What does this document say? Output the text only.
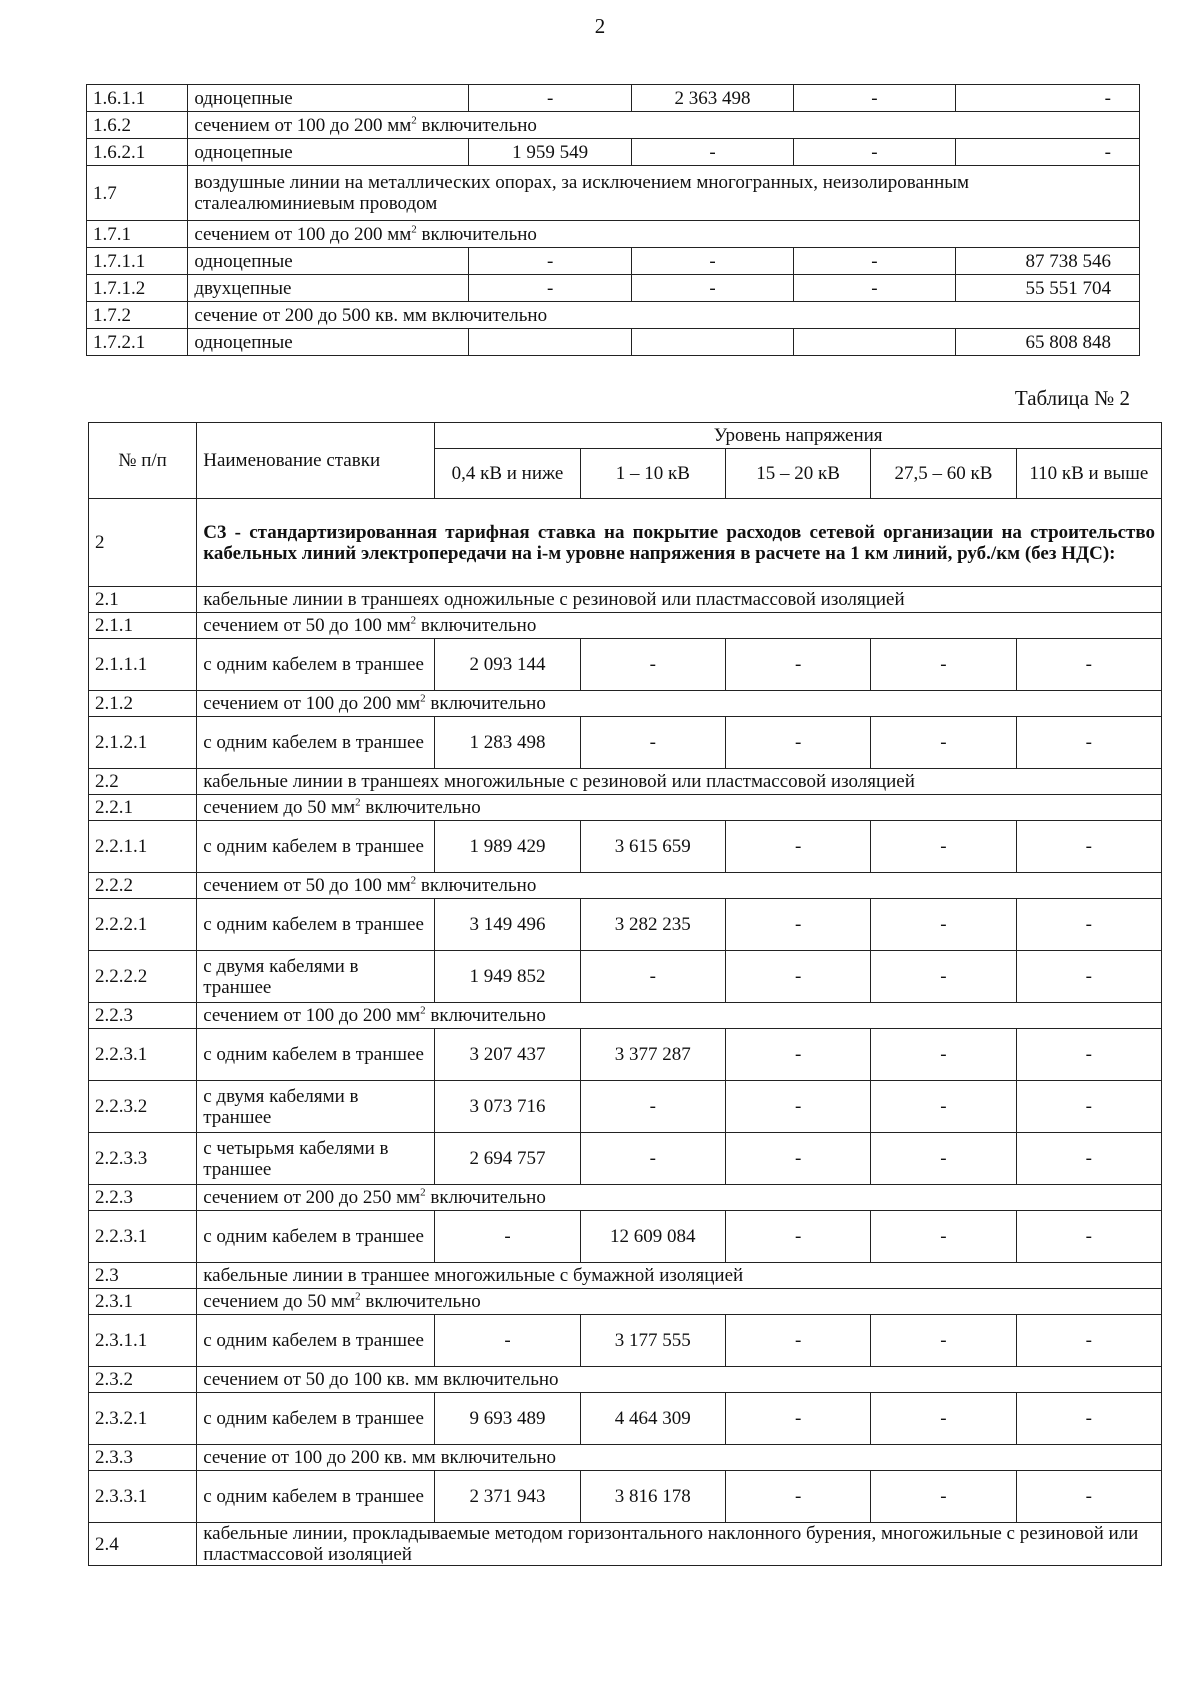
2
1.6.1.1	одноцепные	-	2 363 498	-	-
1.6.2	сечением от 100 до 200 $мм^2$ включительно				
1.6.2.1	одноцепные	1 959 549	-	-	-
1.7	воздушные линии на металлических опорах, за исключением многогранных, неизолированным сталеалюминиевым проводом				
1.7.1	сечением от 100 до 200 $мм^2$ включительно				
1.7.1.1	одноцепные	-	-	-	87 738 546
1.7.1.2	двухцепные	-	-	-	55 551 704
1.7.2	сечение от 200 до 500 кв. мм включительно				
1.7.2.1	одноцепные				65 808 848
Таблица № 2
№ п/п	Наименование ставки	Уровень напряжения				
		0,4 кВ и ниже	1 – 10 кВ	15 – 20 кВ	27,5 – 60 кВ	110 кВ и выше
2	С3 - стандартизированная тарифная ставка на покрытие расходов сетевой организации на строительство кабельных линий электропередачи на i-м уровне напряжения в расчете на 1 км линий, руб./км (без НДС):					
2.1	кабельные линии в траншеях одножильные с резиновой или пластмассовой изоляцией					
2.1.1	сечением от 50 до 100 $мм^2$ включительно					
2.1.1.1	с одним кабелем в траншее	2 093 144	-	-	-	-
2.1.2	сечением от 100 до 200 $мм^2$ включительно					
2.1.2.1	с одним кабелем в траншее	1 283 498	-	-	-	-
2.2	кабельные линии в траншеях многожильные с резиновой или пластмассовой изоляцией					
2.2.1	сечением до 50 $мм^2$ включительно					
2.2.1.1	с одним кабелем в траншее	1 989 429	3 615 659	-	-	-
2.2.2	сечением от 50 до 100 $мм^2$ включительно					
2.2.2.1	с одним кабелем в траншее	3 149 496	3 282 235	-	-	-
2.2.2.2	с двумя кабелями в траншее	1 949 852	-	-	-	-
2.2.3	сечением от 100 до 200 $мм^2$ включительно					
2.2.3.1	с одним кабелем в траншее	3 207 437	3 377 287	-	-	-
2.2.3.2	с двумя кабелями в траншее	3 073 716	-	-	-	-
2.2.3.3	с четырьмя кабелями в траншее	2 694 757	-	-	-	-
2.2.3	сечением от 200 до 250 $мм^2$ включительно					
2.2.3.1	с одним кабелем в траншее	-	12 609 084	-	-	-
2.3	кабельные линии в траншее многожильные с бумажной изоляцией					
2.3.1	сечением до 50 $мм^2$ включительно					
2.3.1.1	с одним кабелем в траншее	-	3 177 555	-	-	-
2.3.2	сечением от 50 до 100 кв. мм включительно					
2.3.2.1	с одним кабелем в траншее	9 693 489	4 464 309	-	-	-
2.3.3	сечение от 100 до 200 кв. мм включительно					
2.3.3.1	с одним кабелем в траншее	2 371 943	3 816 178	-	-	-
2.4	кабельные линии, прокладываемые методом горизонтального наклонного бурения, многожильные с резиновой или пластмассовой изоляцией					
